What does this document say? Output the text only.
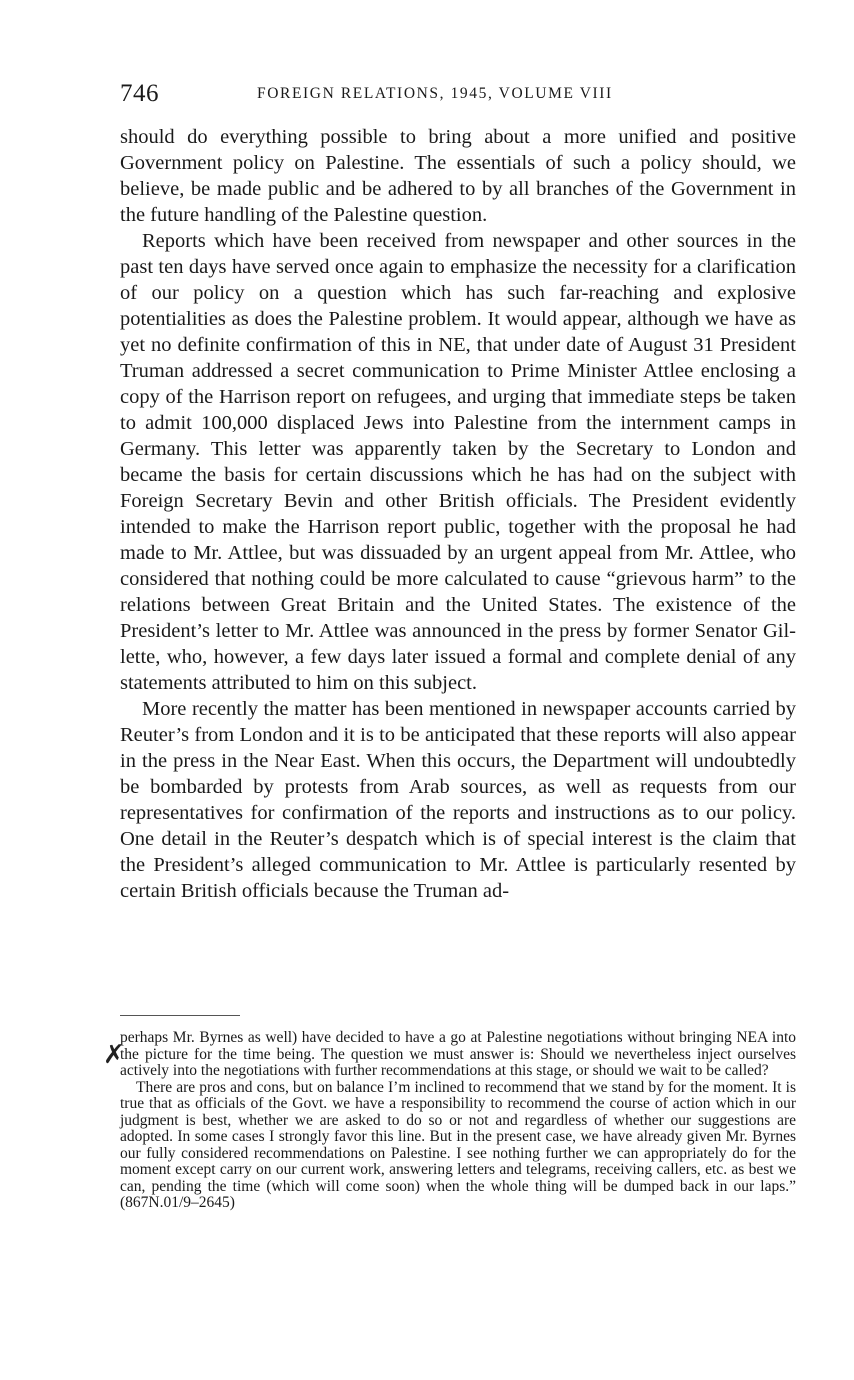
746	FOREIGN RELATIONS, 1945, VOLUME VIII

should do everything possible to bring about a more unified and positive Government policy on Palestine. The essentials of such a policy should, we believe, be made public and be adhered to by all branches of the Government in the future handling of the Palestine question.

Reports which have been received from newspaper and other sources in the past ten days have served once again to emphasize the necessity for a clarification of our policy on a question which has such far-reaching and explosive potentialities as does the Palestine problem. It would appear, although we have as yet no definite confirmation of this in NE, that under date of August 31 President Truman addressed a secret communication to Prime Minister Attlee enclosing a copy of the Harrison report on refugees, and urging that immediate steps be taken to admit 100,000 displaced Jews into Palestine from the internment camps in Germany. This letter was apparently taken by the Secretary to London and became the basis for certain discussions which he has had on the subject with Foreign Secretary Bevin and other British officials. The President evidently intended to make the Harrison report public, together with the proposal he had made to Mr. Attlee, but was dissuaded by an urgent appeal from Mr. Attlee, who considered that nothing could be more calculated to cause “grievous harm” to the relations between Great Britain and the United States. The existence of the President’s letter to Mr. Attlee was announced in the press by former Senator Gillette, who, however, a few days later issued a formal and complete denial of any statements attributed to him on this subject.

More recently the matter has been mentioned in newspaper accounts carried by Reuter’s from London and it is to be anticipated that these reports will also appear in the press in the Near East. When this occurs, the Department will undoubtedly be bombarded by protests from Arab sources, as well as requests from our representatives for confirmation of the reports and instructions as to our policy. One detail in the Reuter’s despatch which is of special interest is the claim that the President’s alleged communication to Mr. Attlee is particularly resented by certain British officials because the Truman ad-

✗

perhaps Mr. Byrnes as well) have decided to have a go at Palestine negotiations without bringing NEA into the picture for the time being. The question we must answer is: Should we nevertheless inject ourselves actively into the negotiations with further recommendations at this stage, or should we wait to be called?

There are pros and cons, but on balance I’m inclined to recommend that we stand by for the moment. It is true that as officials of the Govt. we have a responsibility to recommend the course of action which in our judgment is best, whether we are asked to do so or not and regardless of whether our suggestions are adopted. In some cases I strongly favor this line. But in the present case, we have already given Mr. Byrnes our fully considered recommendations on Palestine. I see nothing further we can appropriately do for the moment except carry on our current work, answering letters and telegrams, receiving callers, etc. as best we can, pending the time (which will come soon) when the whole thing will be dumped back in our laps.” (867N.01/9–2645)
